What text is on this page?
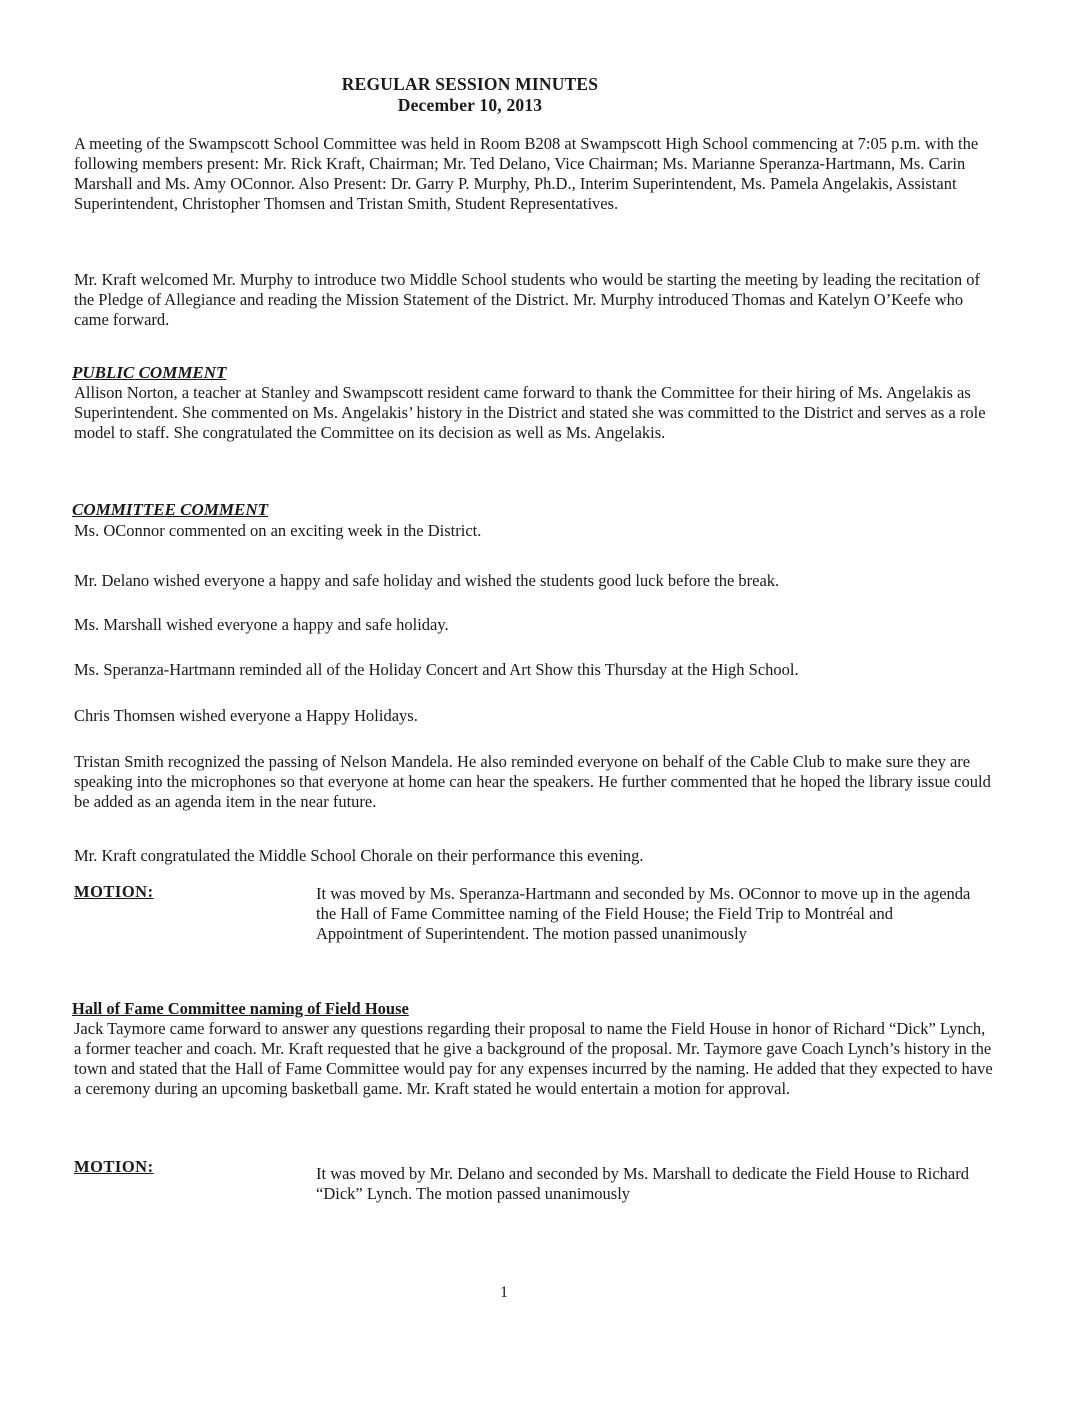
REGULAR SESSION MINUTES
December 10, 2013

A meeting of the Swampscott School Committee was held in Room B208 at Swampscott High School commencing at 7:05 p.m. with the following members present: Mr. Rick Kraft, Chairman; Mr. Ted Delano, Vice Chairman; Ms. Marianne Speranza-Hartmann, Ms. Carin Marshall and Ms. Amy OConnor. Also Present: Dr. Garry P. Murphy, Ph.D., Interim Superintendent, Ms. Pamela Angelakis, Assistant Superintendent, Christopher Thomsen and Tristan Smith, Student Representatives.

Mr. Kraft welcomed Mr. Murphy to introduce two Middle School students who would be starting the meeting by leading the recitation of the Pledge of Allegiance and reading the Mission Statement of the District. Mr. Murphy introduced Thomas and Katelyn O’Keefe who came forward.

PUBLIC COMMENT

Allison Norton, a teacher at Stanley and Swampscott resident came forward to thank the Committee for their hiring of Ms. Angelakis as Superintendent. She commented on Ms. Angelakis’ history in the District and stated she was committed to the District and serves as a role model to staff. She congratulated the Committee on its decision as well as Ms. Angelakis.

COMMITTEE COMMENT

Ms. OConnor commented on an exciting week in the District.

Mr. Delano wished everyone a happy and safe holiday and wished the students good luck before the break.

Ms. Marshall wished everyone a happy and safe holiday.

Ms. Speranza-Hartmann reminded all of the Holiday Concert and Art Show this Thursday at the High School.

Chris Thomsen wished everyone a Happy Holidays.

Tristan Smith recognized the passing of Nelson Mandela. He also reminded everyone on behalf of the Cable Club to make sure they are speaking into the microphones so that everyone at home can hear the speakers. He further commented that he hoped the library issue could be added as an agenda item in the near future.

Mr. Kraft congratulated the Middle School Chorale on their performance this evening.

MOTION:	It was moved by Ms. Speranza-Hartmann and seconded by Ms. OConnor to move up in the agenda the Hall of Fame Committee naming of the Field House; the Field Trip to Montréal and Appointment of Superintendent. The motion passed unanimously

Hall of Fame Committee naming of Field House

Jack Taymore came forward to answer any questions regarding their proposal to name the Field House in honor of Richard “Dick” Lynch, a former teacher and coach. Mr. Kraft requested that he give a background of the proposal. Mr. Taymore gave Coach Lynch’s history in the town and stated that the Hall of Fame Committee would pay for any expenses incurred by the naming. He added that they expected to have a ceremony during an upcoming basketball game. Mr. Kraft stated he would entertain a motion for approval.

MOTION:	It was moved by Mr. Delano and seconded by Ms. Marshall to dedicate the Field House to Richard “Dick” Lynch. The motion passed unanimously

1
